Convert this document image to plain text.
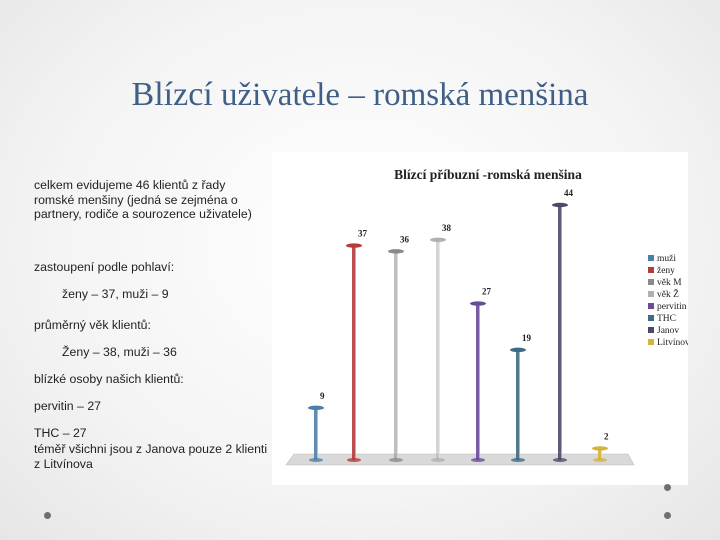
Blízcí uživatele – romská menšina

celkem evidujeme 46 klientů z řady romské menšiny (jedná se zejména o partnery, rodiče a sourozence uživatele)

zastoupení podle pohlaví:

ženy – 37, muži – 9

průměrný věk klientů:

Ženy – 38, muži – 36

blízké osoby našich klientů:

pervitin – 27

THC – 27

téměř všichni jsou z Janova pouze 2 klienti z Litvínova

Blízcí příbuzní -romská menšina
9
37
36
38
27
19
44
2
muži
ženy
věk M
věk Ž
pervitin
THC
Janov
Litvínov
